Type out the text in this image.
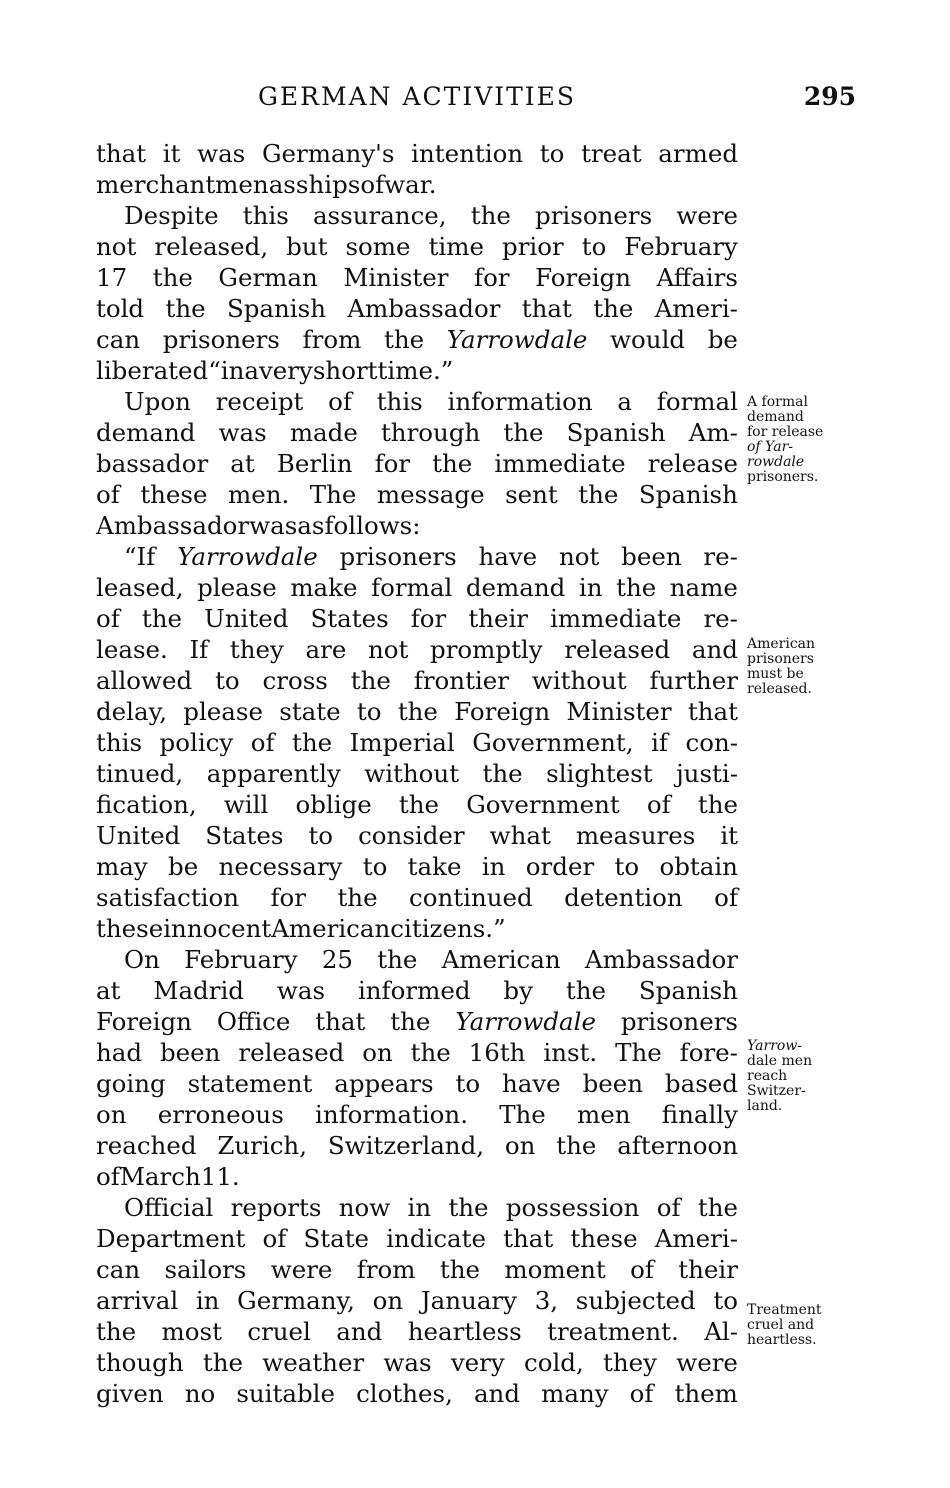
GERMAN ACTIVITIES	295
that it was Germany's intention to treat armed
merchantmen as ships of war.
Despite this assurance, the prisoners were
not released, but some time prior to February
17 the German Minister for Foreign Affairs
told the Spanish Ambassador that the Ameri-
can prisoners from the Yarrowdale would be
liberated “in a very short time.”
Upon receipt of this information a formal
demand was made through the Spanish Am-
bassador at Berlin for the immediate release
of these men. The message sent the Spanish
Ambassador was as follows:
“If Yarrowdale prisoners have not been re-
leased, please make formal demand in the name
of the United States for their immediate re-
lease. If they are not promptly released and
allowed to cross the frontier without further
delay, please state to the Foreign Minister that
this policy of the Imperial Government, if con-
tinued, apparently without the slightest justi-
fication, will oblige the Government of the
United States to consider what measures it
may be necessary to take in order to obtain
satisfaction for the continued detention of
these innocent American citizens.”
On February 25 the American Ambassador
at Madrid was informed by the Spanish
Foreign Office that the Yarrowdale prisoners
had been released on the 16th inst. The fore-
going statement appears to have been based
on erroneous information. The men finally
reached Zurich, Switzerland, on the afternoon
of March 11.
Official reports now in the possession of the
Department of State indicate that these Ameri-
can sailors were from the moment of their
arrival in Germany, on January 3, subjected to
the most cruel and heartless treatment. Al-
though the weather was very cold, they were
given no suitable clothes, and many of them
A formal
demand
for release
of Yar-
rowdale
prisoners.
American
prisoners
must be
released.
Yarrow-
dale men
reach
Switzer-
land.
Treatment
cruel and
heartless.
